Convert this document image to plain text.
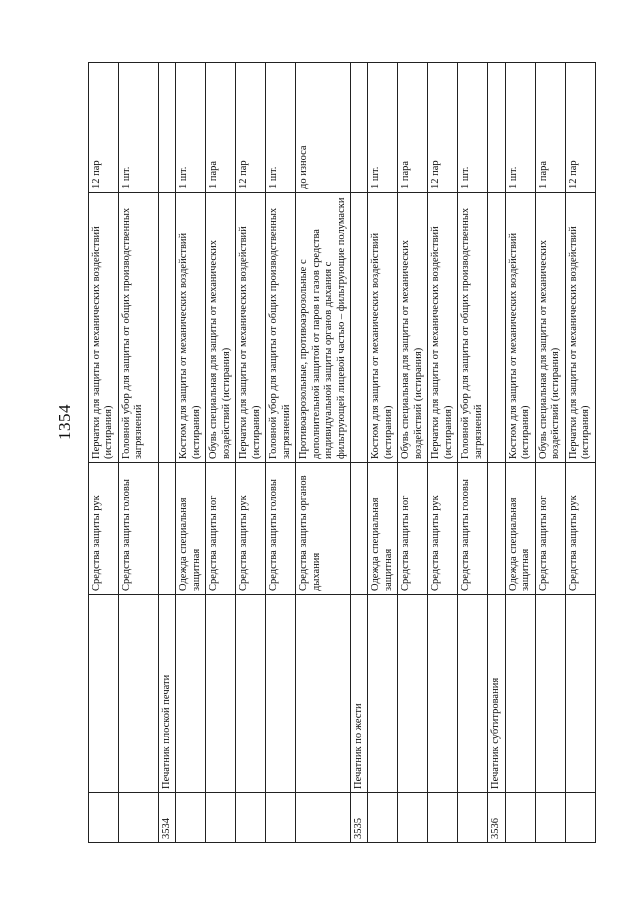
1354
		Средства защиты рук	Перчатки для защиты от механических воздействий (истирания)	12 пар
		Средства защиты головы	Головной убор для защиты от общих производственных загрязнений	1 шт.
3534	Печатник плоской печати			
		Одежда специальная защитная	Костюм для защиты от механических воздействий (истирания)	1 шт.
		Средства защиты ног	Обувь специальная для защиты от механических воздействий (истирания)	1 пара
		Средства защиты рук	Перчатки для защиты от механических воздействий (истирания)	12 пар
		Средства защиты головы	Головной убор для защиты от общих производственных загрязнений	1 шт.
		Средства защиты органов дыхания	Противоаэрозольные, противоаэрозольные с дополнительной защитой от паров и газов средства индивидуальной защиты органов дыхания с фильтрующей лицевой частью – фильтрующие полумаски	до износа
3535	Печатник по жести			
		Одежда специальная защитная	Костюм для защиты от механических воздействий (истирания)	1 шт.
		Средства защиты ног	Обувь специальная для защиты от механических воздействий (истирания)	1 пара
		Средства защиты рук	Перчатки для защиты от механических воздействий (истирания)	12 пар
		Средства защиты головы	Головной убор для защиты от общих производственных загрязнений	1 шт.
3536	Печатник субтитрования			
		Одежда специальная защитная	Костюм для защиты от механических воздействий (истирания)	1 шт.
		Средства защиты ног	Обувь специальная для защиты от механических воздействий (истирания)	1 пара
		Средства защиты рук	Перчатки для защиты от механических воздействий (истирания)	12 пар
